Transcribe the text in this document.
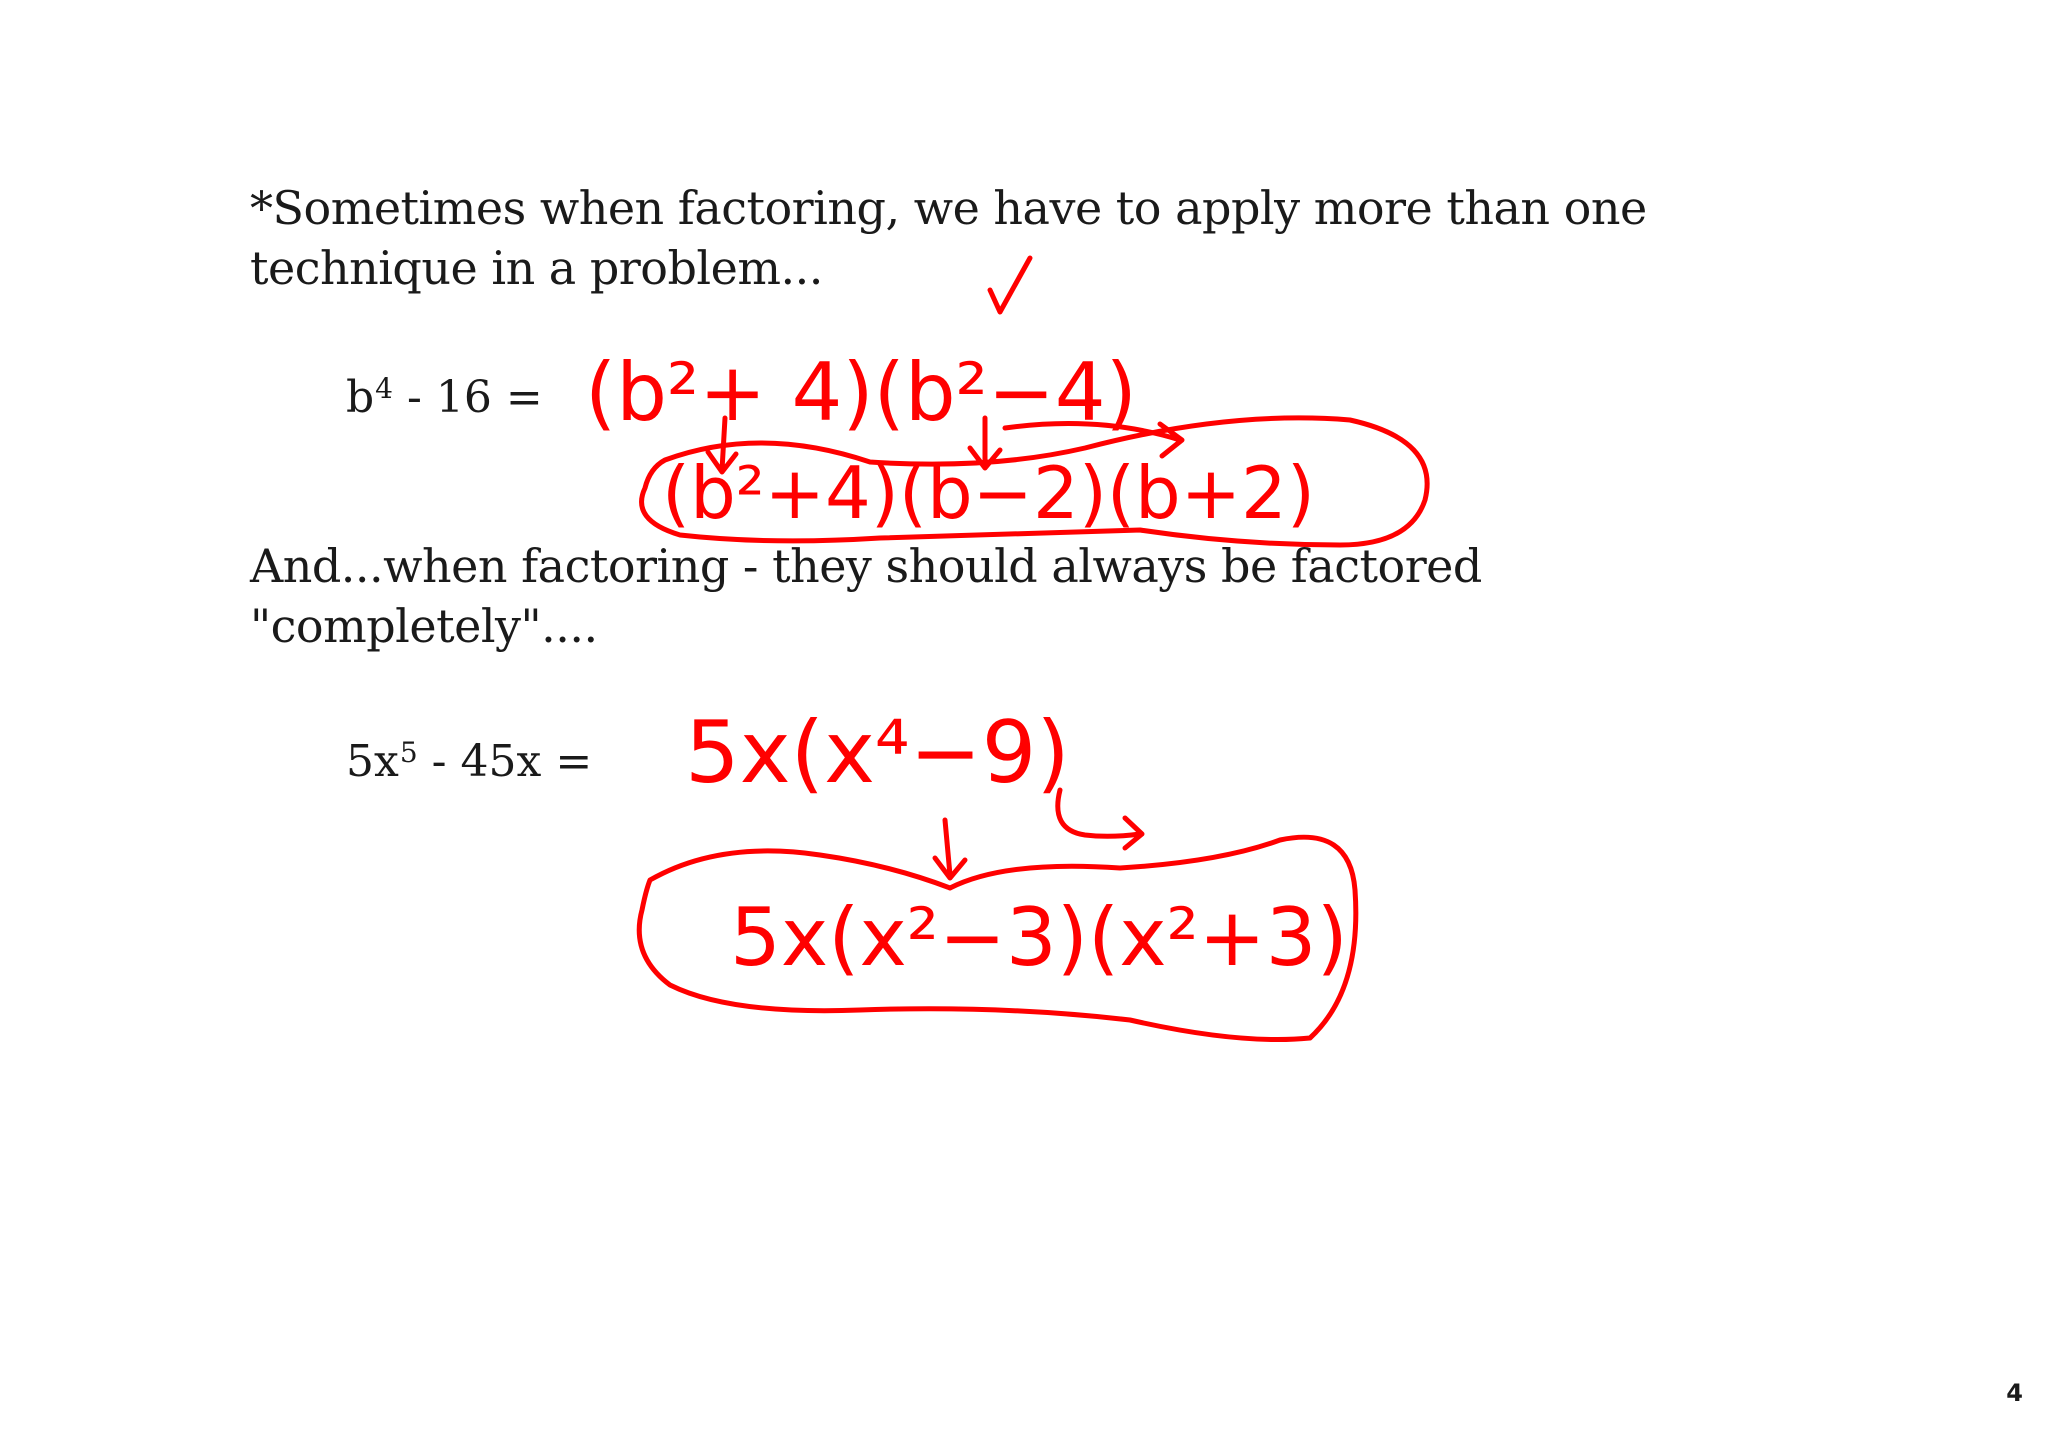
*Sometimes when factoring, we have to apply more than one

technique in a problem...

$b^4 - 16$ =

And...when factoring - they should always be factored

"completely"....

$5x^5 - 45x$ =
(b²+ 4)(b²−4)
(b²+4)(b−2)(b+2)
5x(x⁴−9)
5x(x²−3)(x²+3)
4
